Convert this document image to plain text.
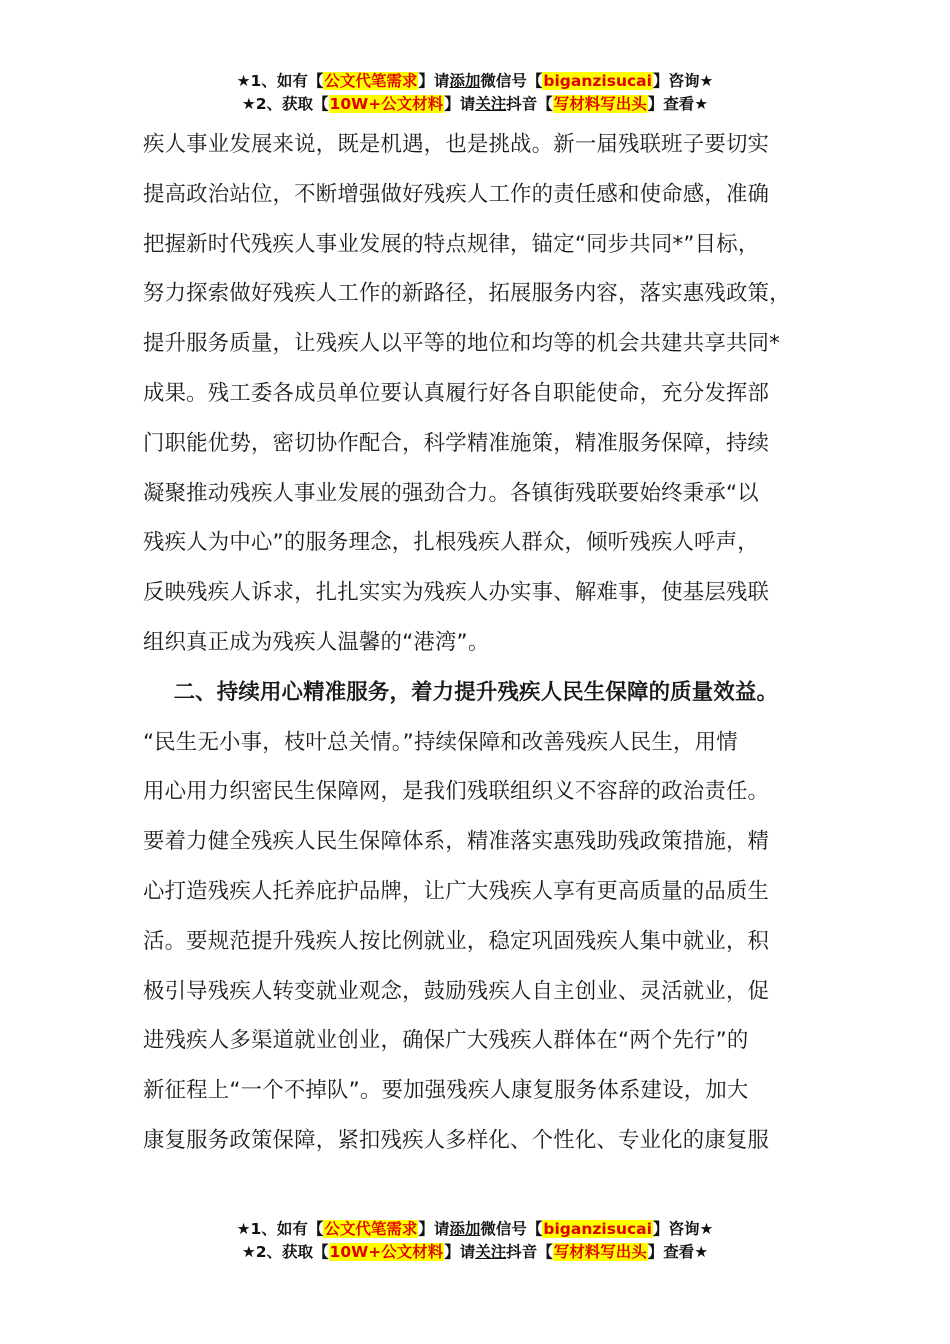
★1、如有【公文代笔需求】请添加微信号【biganzisucai】咨询★
★2、获取【10W+公文材料】请关注抖音【写材料写出头】查看★
疾人事业发展来说，既是机遇，也是挑战。新一届残联班子要切实
提高政治站位，不断增强做好残疾人工作的责任感和使命感，准确
把握新时代残疾人事业发展的特点规律，锚定“同步共同*”目标，
努力探索做好残疾人工作的新路径，拓展服务内容，落实惠残政策，
提升服务质量，让残疾人以平等的地位和均等的机会共建共享共同*
成果。残工委各成员单位要认真履行好各自职能使命，充分发挥部
门职能优势，密切协作配合，科学精准施策，精准服务保障，持续
凝聚推动残疾人事业发展的强劲合力。各镇街残联要始终秉承“以
残疾人为中心”的服务理念，扎根残疾人群众，倾听残疾人呼声，
反映残疾人诉求，扎扎实实为残疾人办实事、解难事，使基层残联
组织真正成为残疾人温馨的“港湾”。
二、持续用心精准服务，着力提升残疾人民生保障的质量效益。
“民生无小事，枝叶总关情。”持续保障和改善残疾人民生，用情
用心用力织密民生保障网，是我们残联组织义不容辞的政治责任。
要着力健全残疾人民生保障体系，精准落实惠残助残政策措施，精
心打造残疾人托养庇护品牌，让广大残疾人享有更高质量的品质生
活。要规范提升残疾人按比例就业，稳定巩固残疾人集中就业，积
极引导残疾人转变就业观念，鼓励残疾人自主创业、灵活就业，促
进残疾人多渠道就业创业，确保广大残疾人群体在“两个先行”的
新征程上“一个不掉队”。要加强残疾人康复服务体系建设，加大
康复服务政策保障，紧扣残疾人多样化、个性化、专业化的康复服
★1、如有【公文代笔需求】请添加微信号【biganzisucai】咨询★
★2、获取【10W+公文材料】请关注抖音【写材料写出头】查看★
